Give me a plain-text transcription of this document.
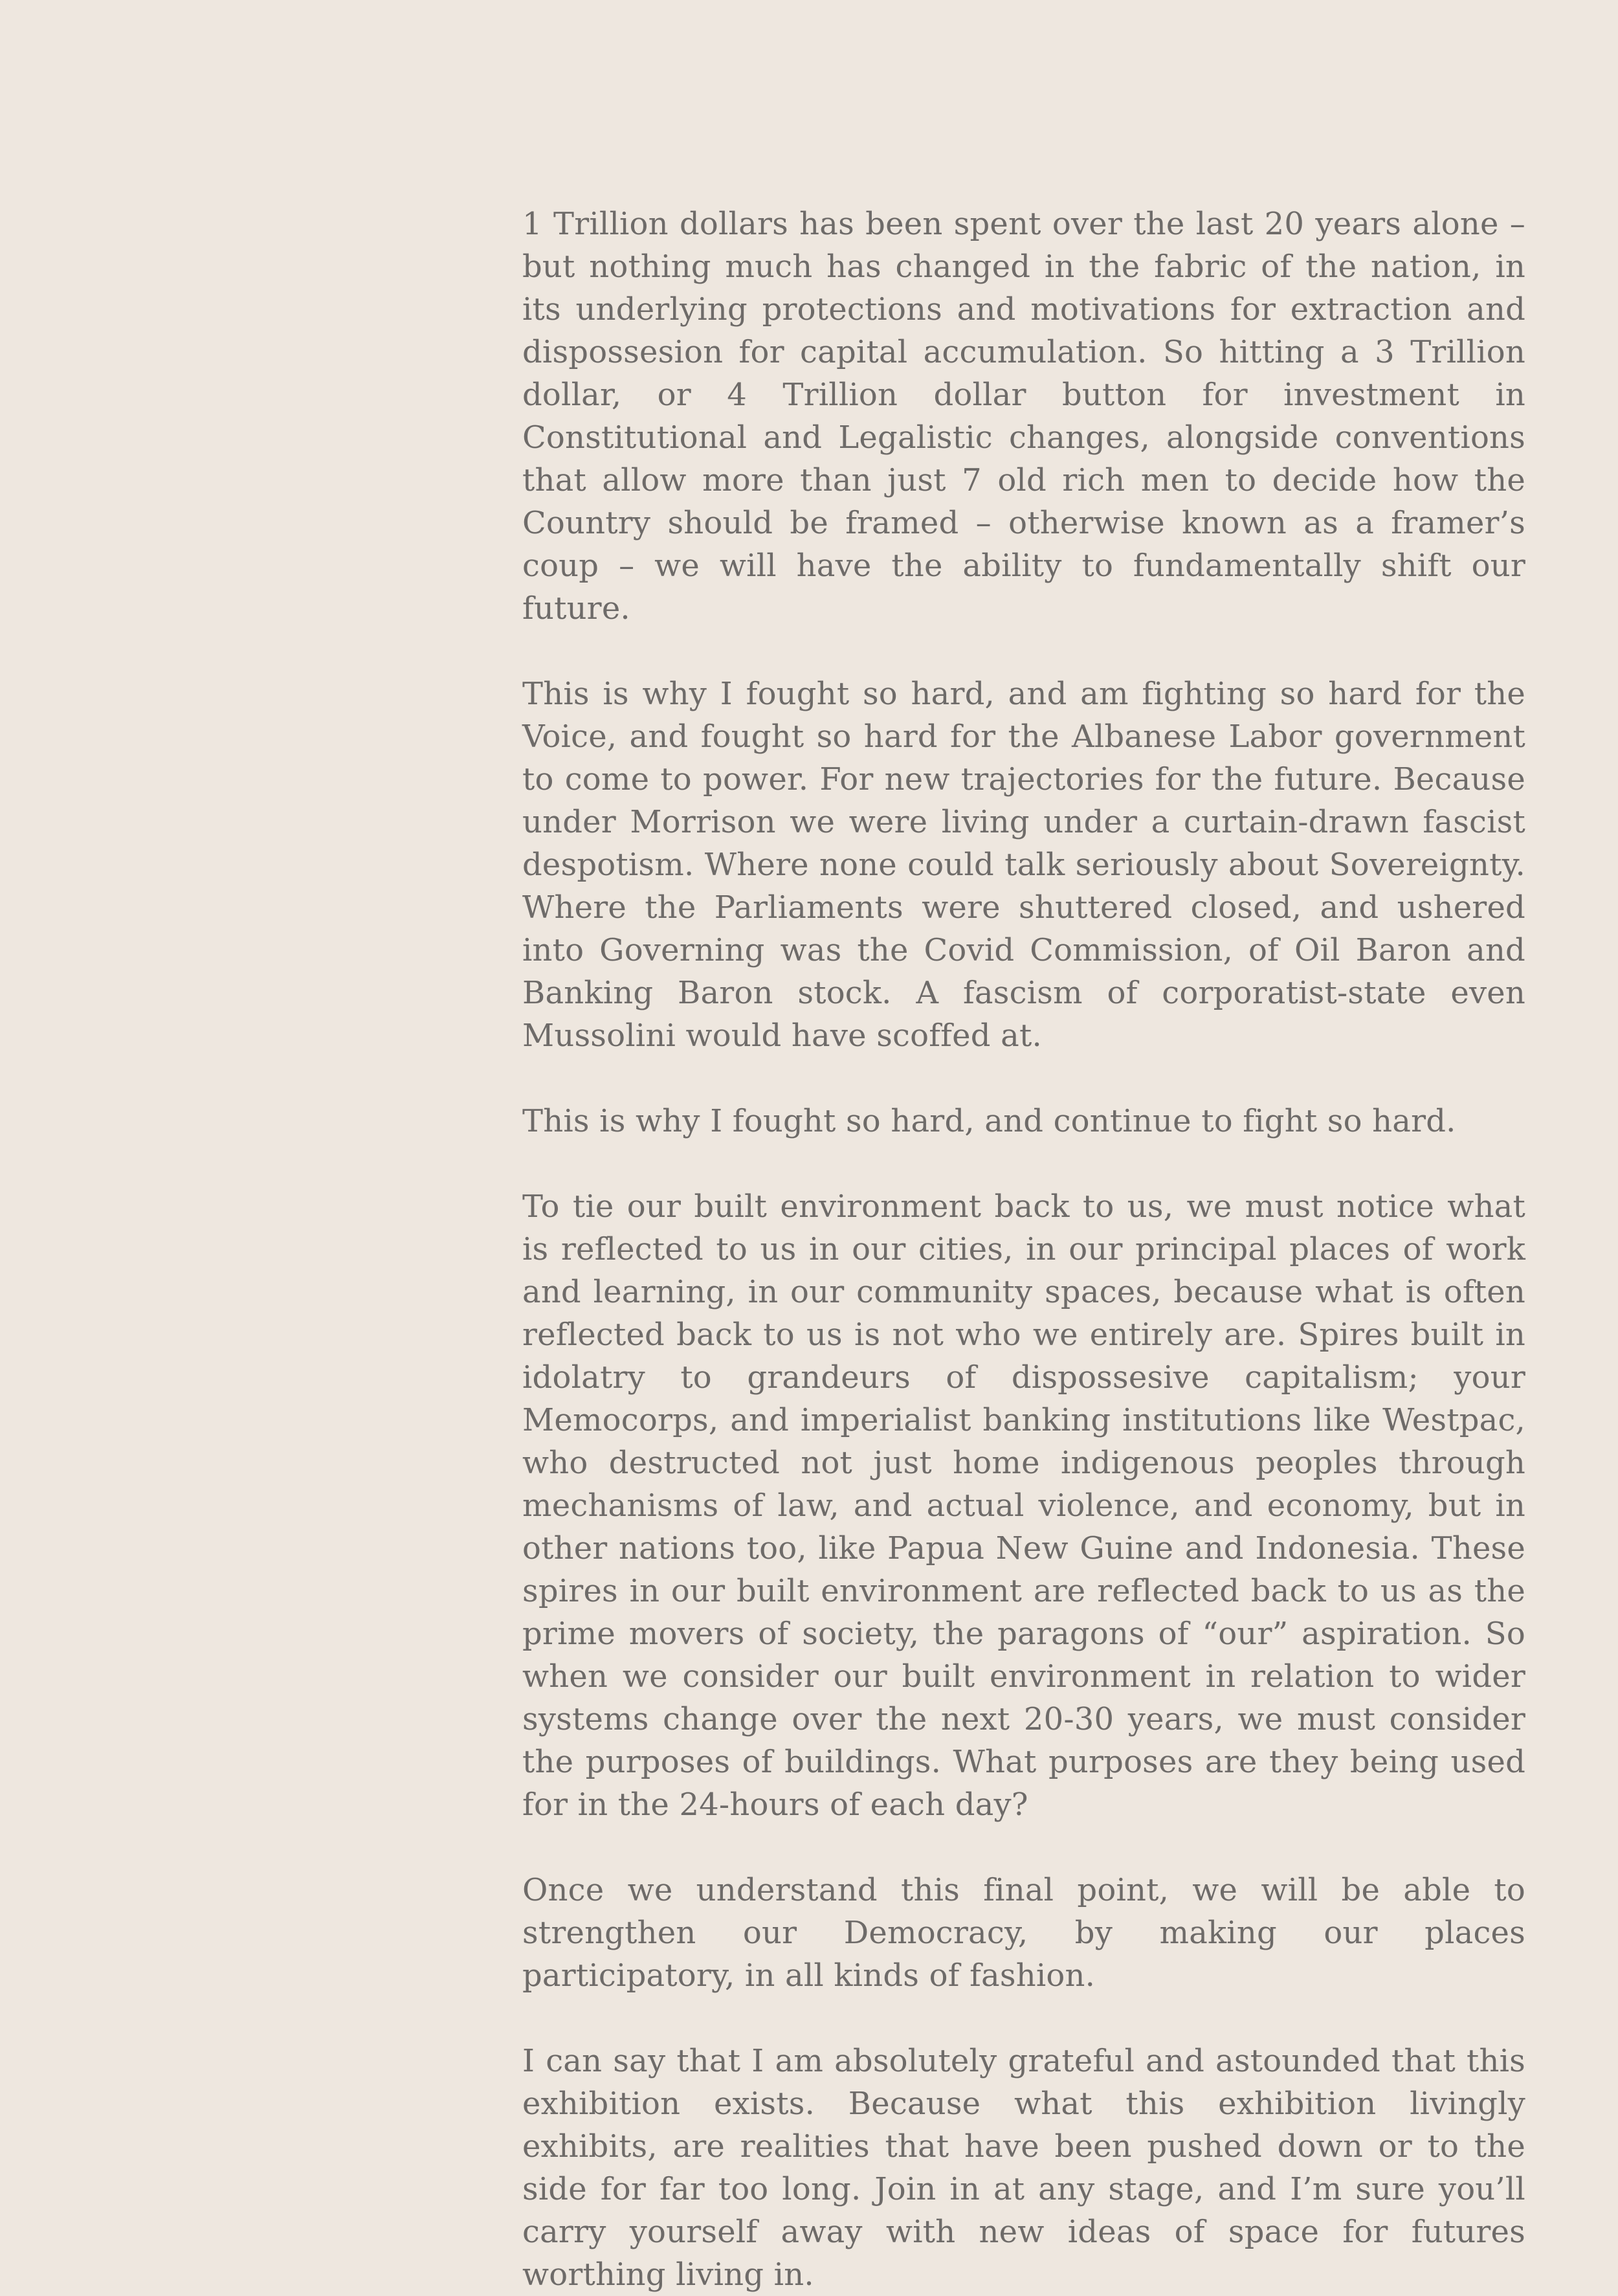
1 Trillion dollars has been spent over the last 20 years alone – but nothing much has changed in the fabric of the nation, in its underlying protections and motivations for extraction and dispossesion for capital accumulation. So hitting a 3 Trillion dollar, or 4 Trillion dollar button for investment in Constitutional and Legalistic changes, alongside conventions that allow more than just 7 old rich men to decide how the Country should be framed – otherwise known as a framer’s coup – we will have the ability to fundamentally shift our future.

This is why I fought so hard, and am fighting so hard for the Voice, and fought so hard for the Albanese Labor government to come to power. For new trajectories for the future. Because under Morrison we were living under a curtain-drawn fascist despotism. Where none could talk seriously about Sovereignty. Where the Parliaments were shuttered closed, and ushered into Governing was the Covid Commission, of Oil Baron and Banking Baron stock. A fascism of corporatist-state even Mussolini would have scoffed at.

This is why I fought so hard, and continue to fight so hard.

To tie our built environment back to us, we must notice what is reflected to us in our cities, in our principal places of work and learning, in our community spaces, because what is often reflected back to us is not who we entirely are. Spires built in idolatry to grandeurs of dispossesive capitalism; your Memocorps, and imperialist banking institutions like Westpac, who destructed not just home indigenous peoples through mechanisms of law, and actual violence, and economy, but in other nations too, like Papua New Guine and Indonesia. These spires in our built environment are reflected back to us as the prime movers of society, the paragons of “our” aspiration. So when we consider our built environment in relation to wider systems change over the next 20-30 years, we must consider the purposes of buildings. What purposes are they being used for in the 24-hours of each day?

Once we understand this final point, we will be able to strengthen our Democracy, by making our places participatory, in all kinds of fashion.

I can say that I am absolutely grateful and astounded that this exhibition exists. Because what this exhibition livingly exhibits, are realities that have been pushed down or to the side for far too long. Join in at any stage, and I’m sure you’ll carry yourself away with new ideas of space for futures worthing living in.
